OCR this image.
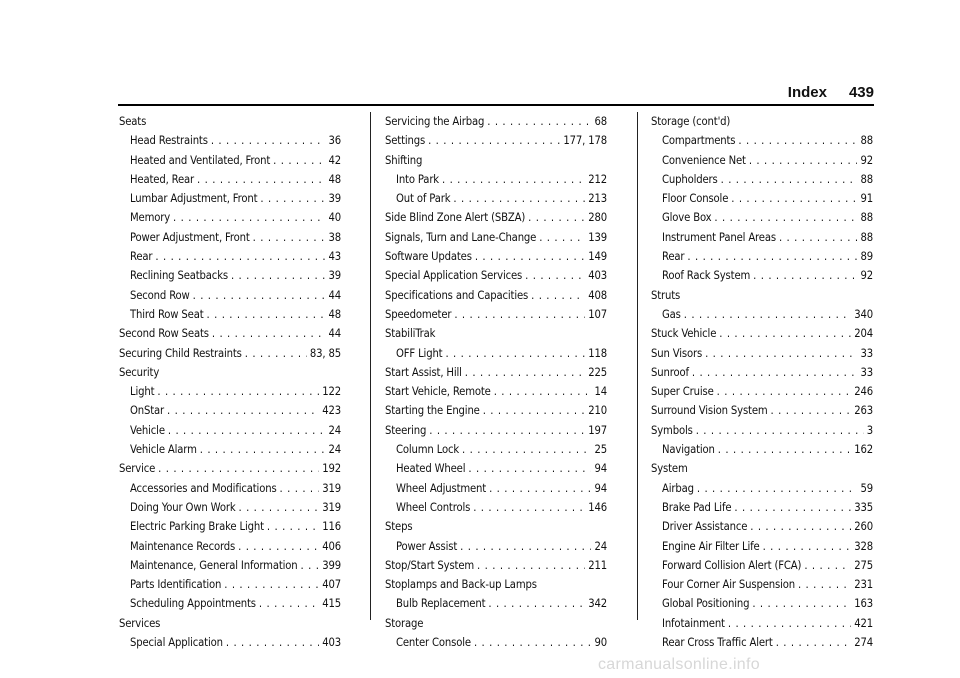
Index 439
Seats
Head Restraints . . .	36
Heated and Ventilated, Front . . .	42
Heated, Rear . . .	48
Lumbar Adjustment, Front . . .	39
Memory . . .	40
Power Adjustment, Front . . .	38
Rear . . .	43
Reclining Seatbacks . . .	39
Second Row . . .	44
Third Row Seat . . .	48
Second Row Seats . . .	44
Securing Child Restraints . . .	83, 85
Security
Light . . .	122
OnStar . . .	423
Vehicle . . .	24
Vehicle Alarm . . .	24
Service . . .	192
Accessories and Modifications . . .	319
Doing Your Own Work . . .	319
Electric Parking Brake Light . . .	116
Maintenance Records . . .	406
Maintenance, General Information . . . 399
Parts Identification . . .	407
Scheduling Appointments . . .	415
Services
Special Application . . .	403
Servicing the Airbag . . .	68
Settings . . .	177, 178
Shifting
Into Park . . .	212
Out of Park . . .	213
Side Blind Zone Alert (SBZA) . . .	280
Signals, Turn and Lane-Change . . .	139
Software Updates . . .	149
Special Application Services . . .	403
Specifications and Capacities . . .	408
Speedometer . . .	107
StabiliTrak
OFF Light . . .	118
Start Assist, Hill . . .	225
Start Vehicle, Remote . . .	14
Starting the Engine . . .	210
Steering . . .	197
Column Lock . . .	25
Heated Wheel . . .	94
Wheel Adjustment . . .	94
Wheel Controls . . .	146
Steps
Power Assist . . .	24
Stop/Start System . . .	211
Stoplamps and Back-up Lamps
Bulb Replacement . . .	342
Storage
Center Console . . .	90
Storage (cont'd)
Compartments . . .	88
Convenience Net . . .	92
Cupholders . . .	88
Floor Console . . .	91
Glove Box . . .	88
Instrument Panel Areas . . .	88
Rear . . .	89
Roof Rack System . . .	92
Struts
Gas . . .	340
Stuck Vehicle . . .	204
Sun Visors . . .	33
Sunroof . . .	33
Super Cruise . . .	246
Surround Vision System . . .	263
Symbols . . .	3
Navigation . . .	162
System
Airbag . . .	59
Brake Pad Life . . .	335
Driver Assistance . . .	260
Engine Air Filter Life . . .	328
Forward Collision Alert (FCA) . . .	275
Four Corner Air Suspension . . .	231
Global Positioning . . .	163
Infotainment . . .	421
Rear Cross Traffic Alert . . .	274
carmanualsonline.info
